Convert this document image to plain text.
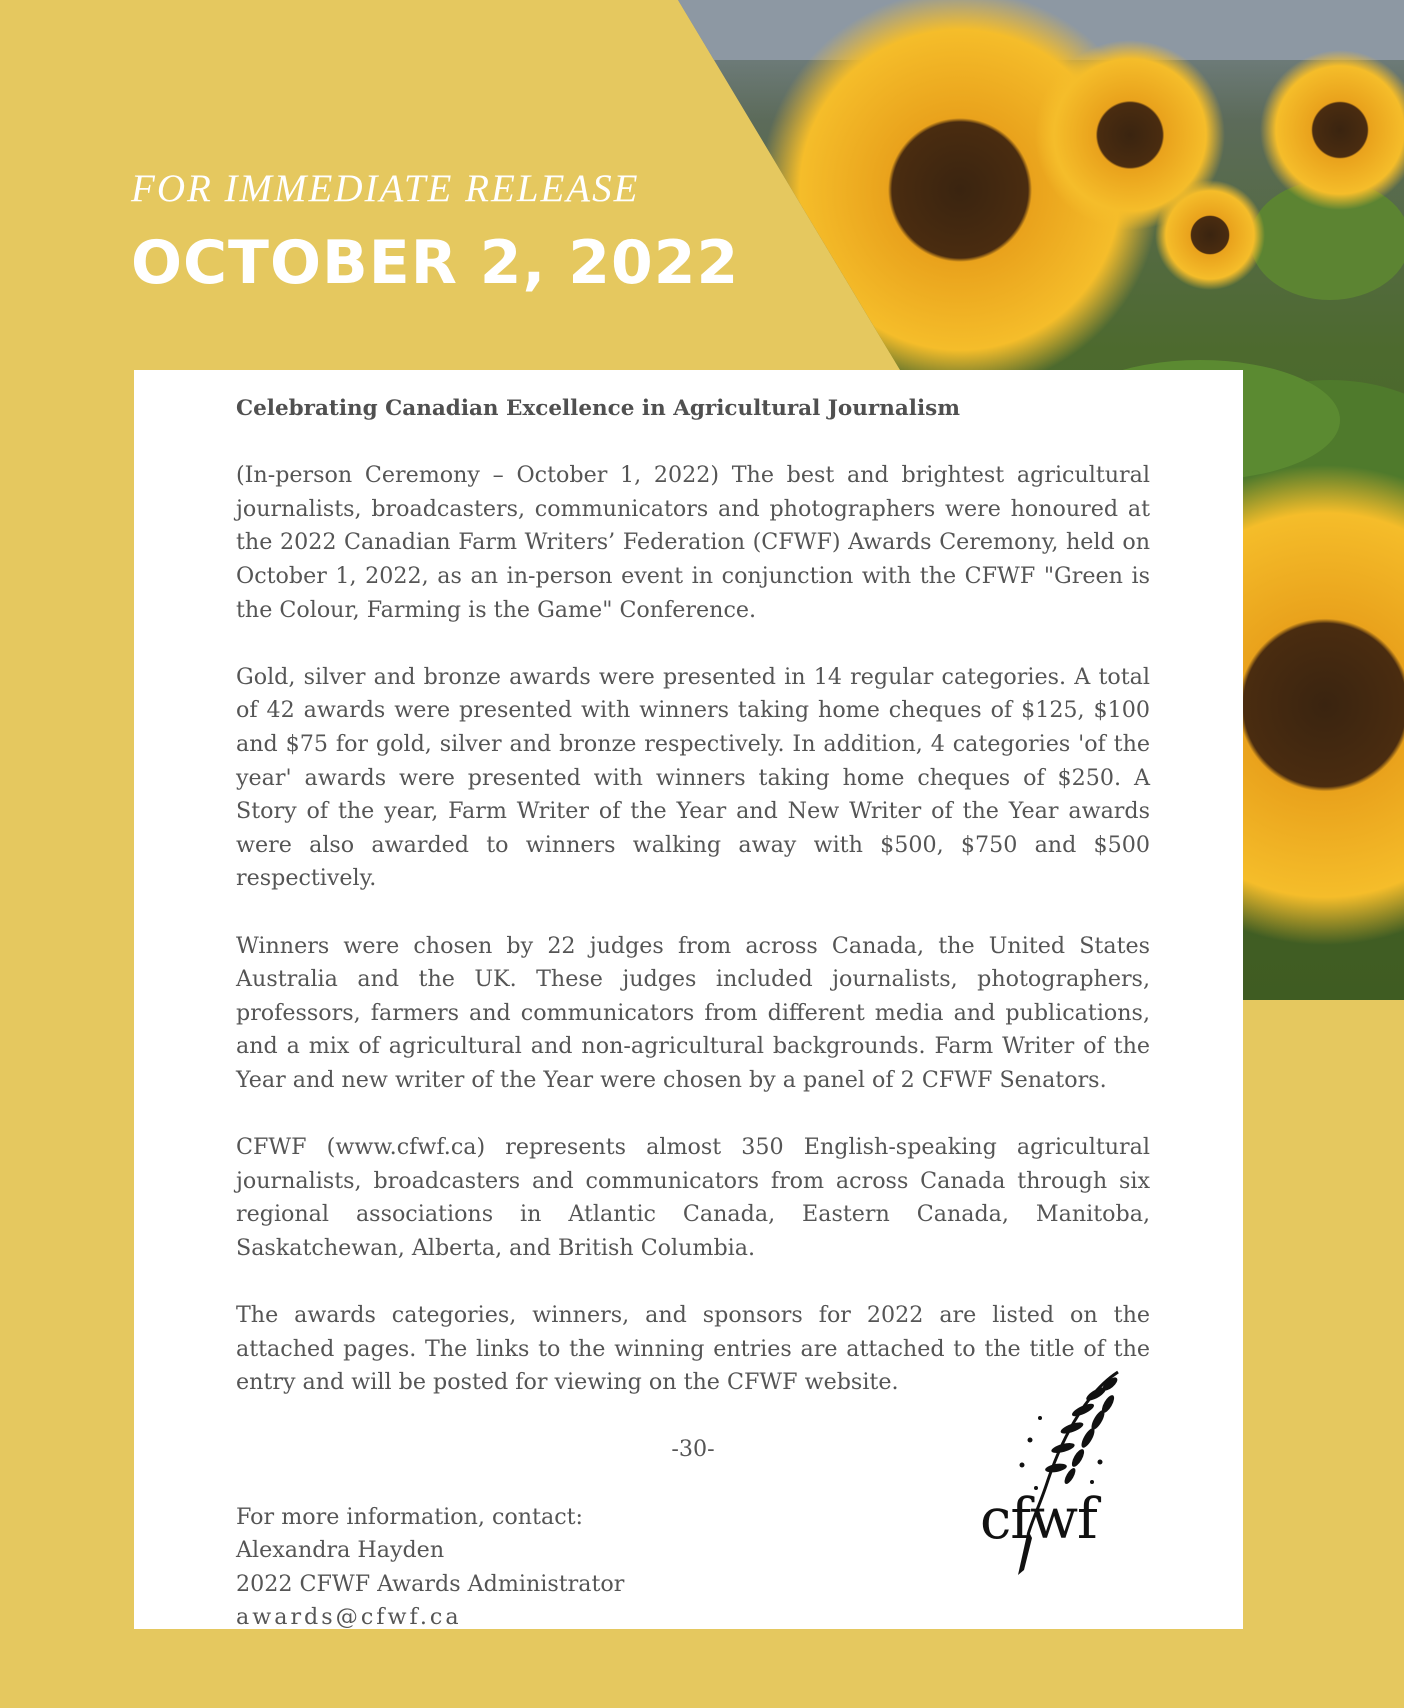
FOR IMMEDIATE RELEASE
OCTOBER 2, 2022
Celebrating Canadian Excellence in Agricultural Journalism

(In-person Ceremony – October 1, 2022) The best and brightest agricultural journalists, broadcasters, communicators and photographers were honoured at the 2022 Canadian Farm Writers’ Federation (CFWF) Awards Ceremony, held on October 1, 2022, as an in-person event in conjunction with the CFWF "Green is the Colour, Farming is the Game" Conference.

Gold, silver and bronze awards were presented in 14 regular categories. A total of 42 awards were presented with winners taking home cheques of $125, $100 and $75 for gold, silver and bronze respectively. In addition, 4 categories 'of the year' awards were presented with winners taking home cheques of $250. A Story of the year, Farm Writer of the Year and New Writer of the Year awards were also awarded to winners walking away with $500, $750 and $500 respectively.

Winners were chosen by 22 judges from across Canada, the United States Australia and the UK. These judges included journalists, photographers, professors, farmers and communicators from different media and publications, and a mix of agricultural and non-agricultural backgrounds. Farm Writer of the Year and new writer of the Year were chosen by a panel of 2 CFWF Senators.

CFWF (www.cfwf.ca) represents almost 350 English-speaking agricultural journalists, broadcasters and communicators from across Canada through six regional associations in Atlantic Canada, Eastern Canada, Manitoba, Saskatchewan, Alberta, and British Columbia.

The awards categories, winners, and sponsors for 2022 are listed on the attached pages. The links to the winning entries are attached to the title of the entry and will be posted for viewing on the CFWF website.

-30-
For more information, contact:
Alexandra Hayden
2022 CFWF Awards Administrator
awards@cfwf.ca
cfwf
